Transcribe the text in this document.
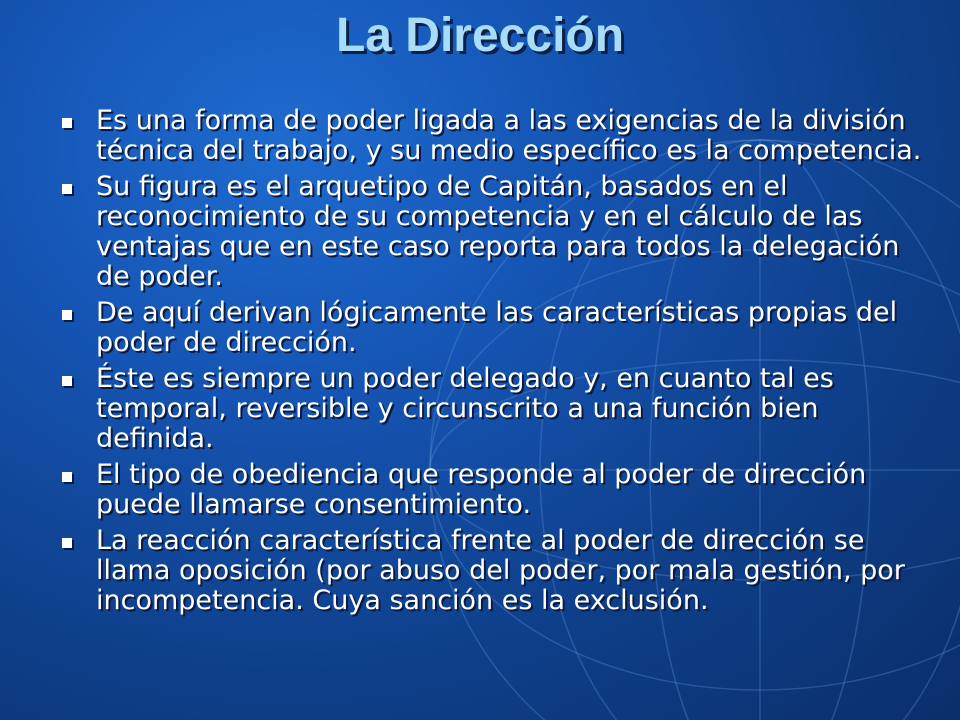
La Dirección
Es una forma de poder ligada a las exigencias de la división técnica del trabajo, y su medio específico es la competencia.
Su figura es el arquetipo de Capitán, basados en el reconocimiento de su competencia y en el cálculo de las ventajas que en este caso reporta para todos la delegación de poder.
De aquí derivan lógicamente las características propias del poder de dirección.
Éste es siempre un poder delegado y, en cuanto tal es temporal, reversible y circunscrito a una función bien definida.
El tipo de obediencia que responde al poder de dirección puede llamarse consentimiento.
La reacción característica frente al poder de dirección se llama oposición (por abuso del poder, por mala gestión, por incompetencia. Cuya sanción es la exclusión.
